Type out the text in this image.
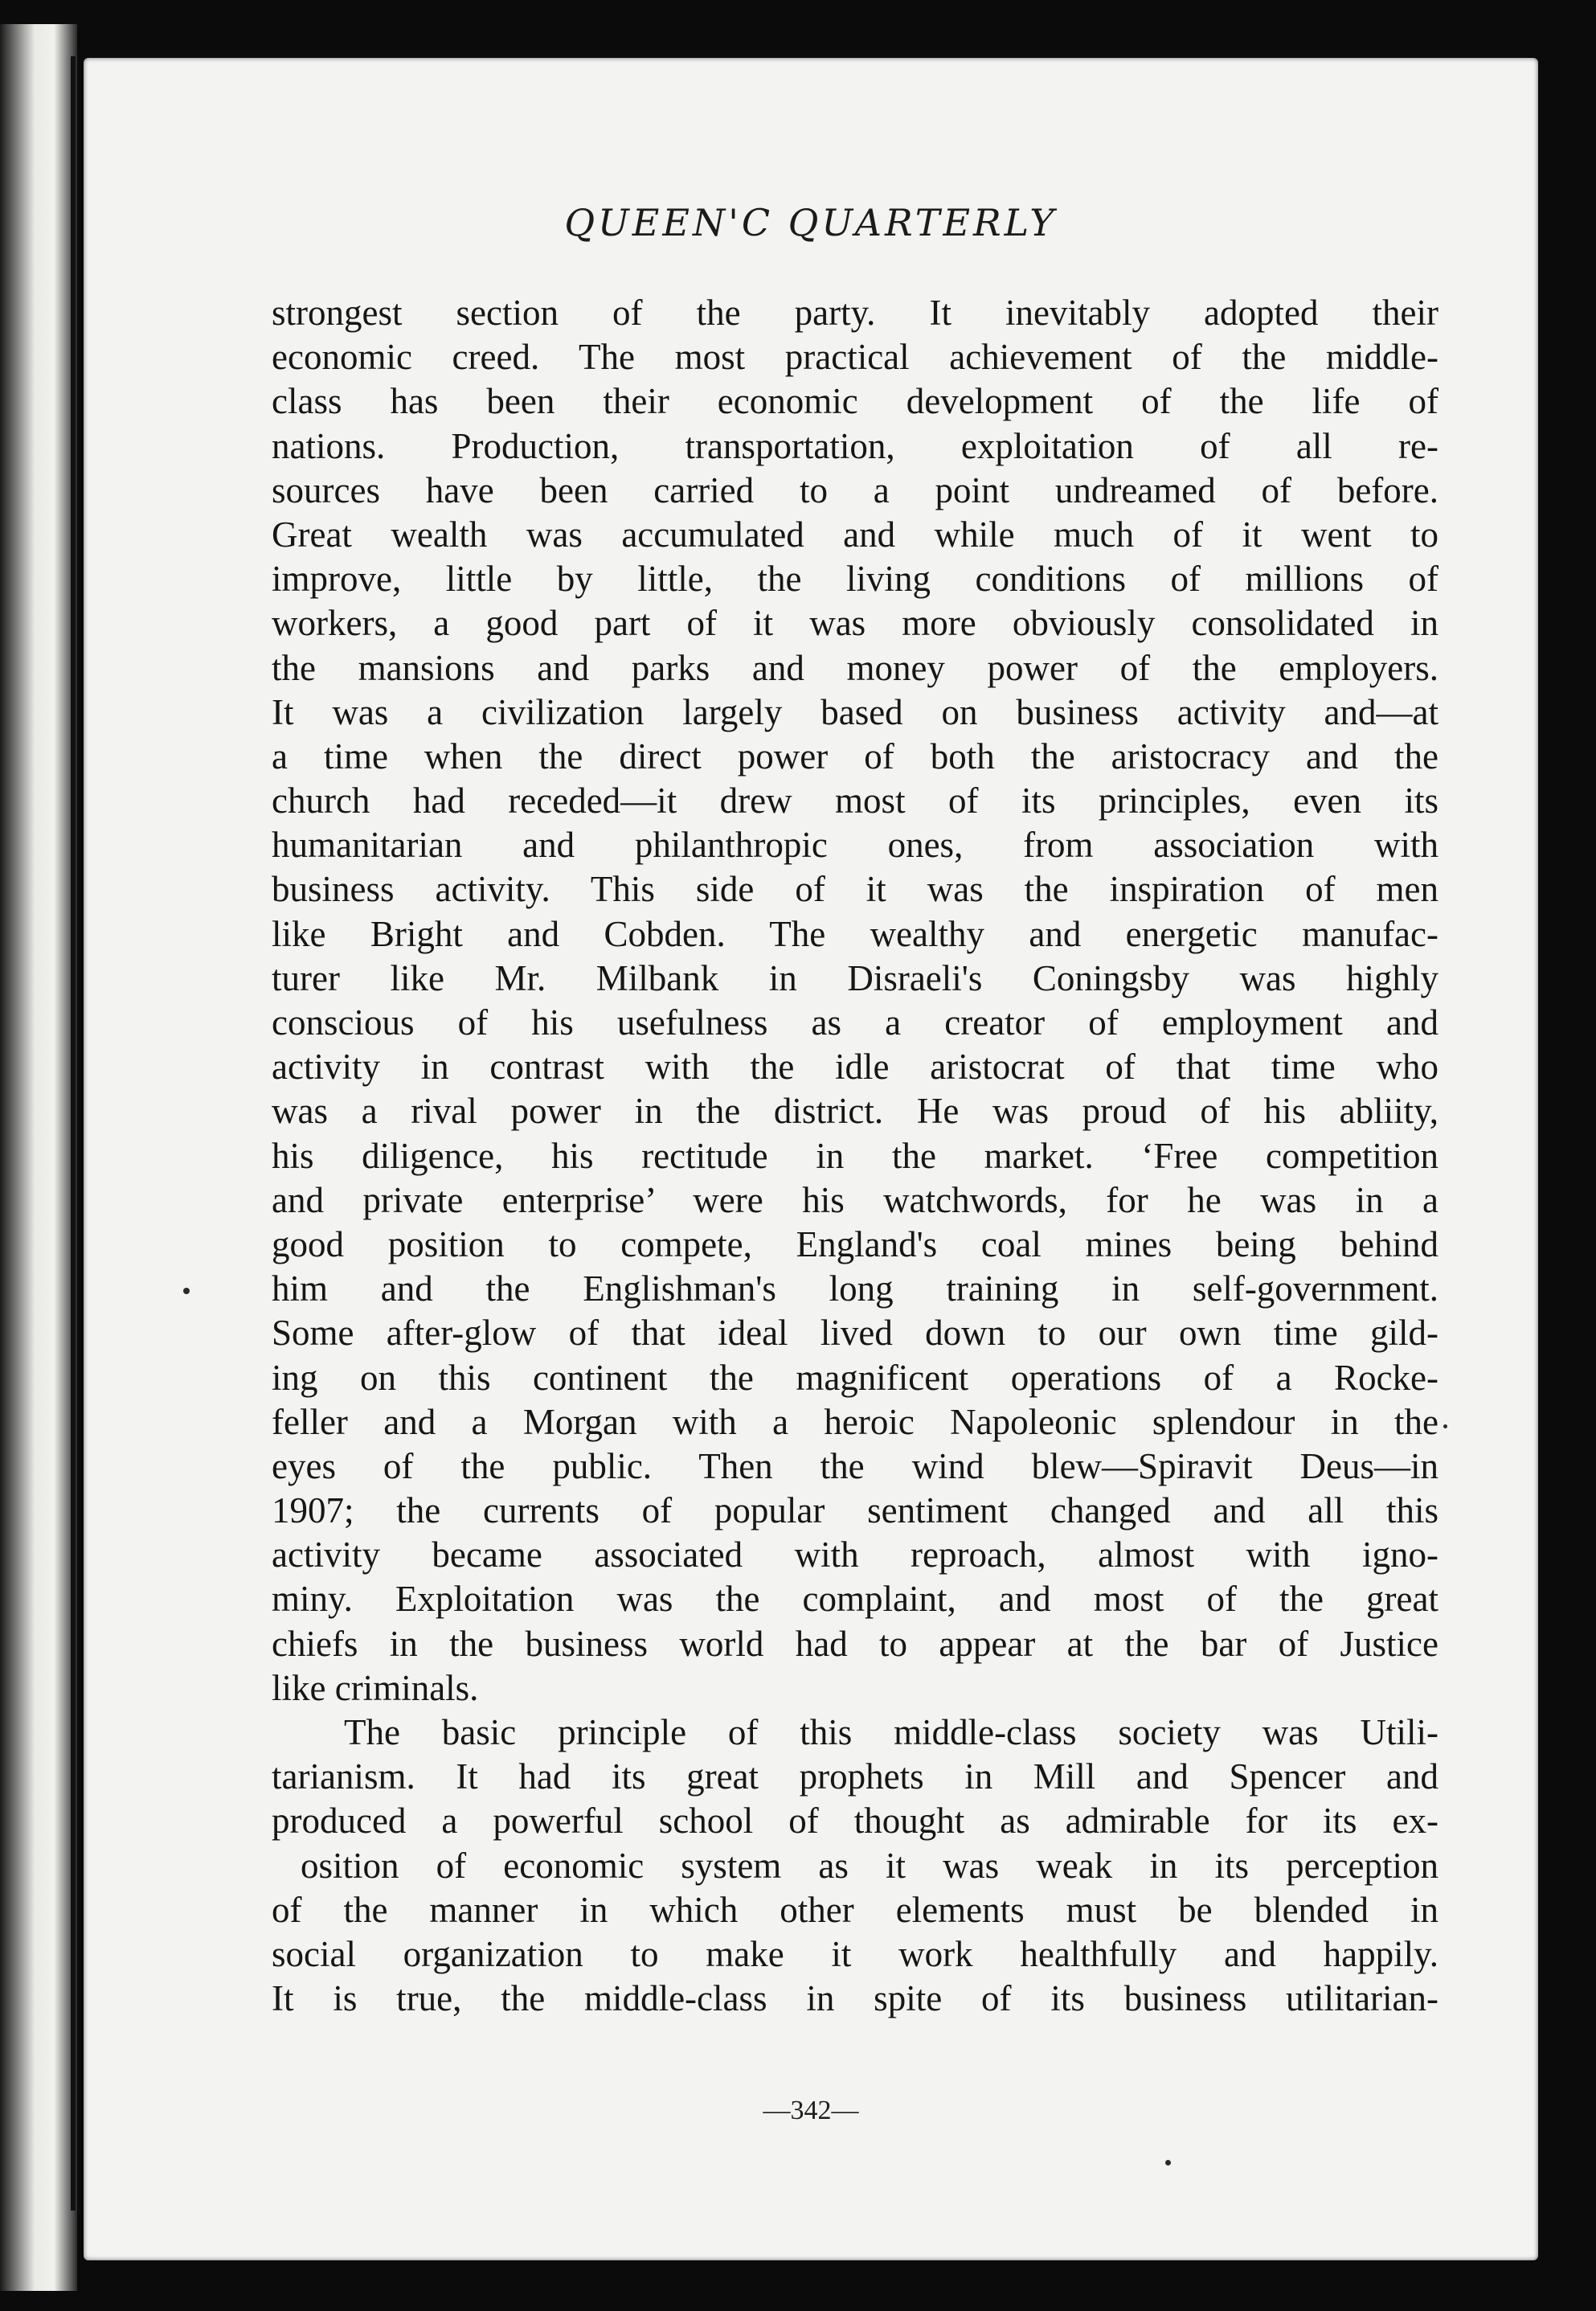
QUEEN'C QUARTERLY
strongest section of the party. It inevitably adopted their
economic creed. The most practical achievement of the middle-
class has been their economic development of the life of
nations. Production, transportation, exploitation of all re-
sources have been carried to a point undreamed of before.
Great wealth was accumulated and while much of it went to
improve, little by little, the living conditions of millions of
workers, a good part of it was more obviously consolidated in
the mansions and parks and money power of the employers.
It was a civilization largely based on business activity and—at
a time when the direct power of both the aristocracy and the
church had receded—it drew most of its principles, even its
humanitarian and philanthropic ones, from association with
business activity. This side of it was the inspiration of men
like Bright and Cobden. The wealthy and energetic manufac-
turer like Mr. Milbank in Disraeli's Coningsby was highly
conscious of his usefulness as a creator of employment and
activity in contrast with the idle aristocrat of that time who
was a rival power in the district. He was proud of his abliity,
his diligence, his rectitude in the market. ‘Free competition
and private enterprise’ were his watchwords, for he was in a
good position to compete, England's coal mines being behind
him and the Englishman's long training in self-government.
Some after-glow of that ideal lived down to our own time gild-
ing on this continent the magnificent operations of a Rocke-
feller and a Morgan with a heroic Napoleonic splendour in the
eyes of the public. Then the wind blew—Spiravit Deus—in
1907; the currents of popular sentiment changed and all this
activity became associated with reproach, almost with igno-
miny. Exploitation was the complaint, and most of the great
chiefs in the business world had to appear at the bar of Justice
like criminals.
The basic principle of this middle-class society was Utili-
tarianism. It had its great prophets in Mill and Spencer and
produced a powerful school of thought as admirable for its ex-
osition of economic system as it was weak in its perception
of the manner in which other elements must be blended in
social organization to make it work healthfully and happily.
It is true, the middle-class in spite of its business utilitarian-
—342—
